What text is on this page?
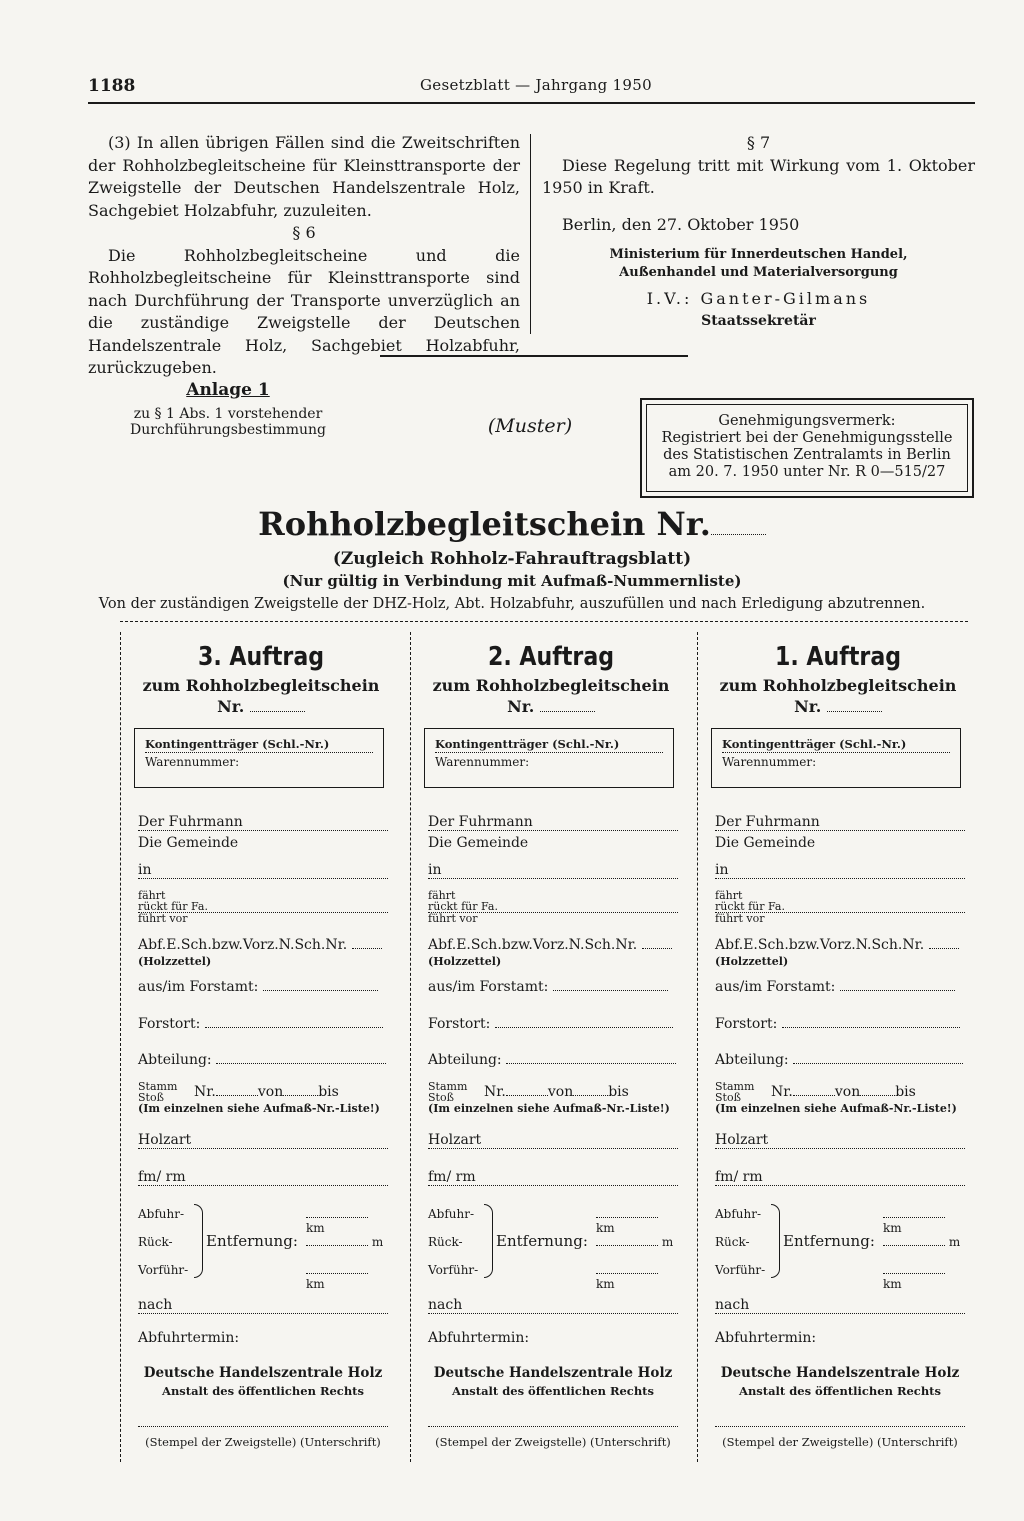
1188	Gesetzblatt — Jahrgang 1950

(3) In allen übrigen Fällen sind die Zweitschriften der Rohholzbegleitscheine für Kleinsttransporte der Zweigstelle der Deutschen Handelszentrale Holz, Sachgebiet Holzabfuhr, zuzuleiten.

§ 6

Die Rohholzbegleitscheine und die Rohholzbegleitscheine für Kleinsttransporte sind nach Durchführung der Transporte unverzüglich an die zuständige Zweigstelle der Deutschen Handelszentrale Holz, Sachgebiet Holzabfuhr, zurückzugeben.

§ 7

Diese Regelung tritt mit Wirkung vom 1. Oktober 1950 in Kraft.

Berlin, den 27. Oktober 1950

Ministerium für Innerdeutschen Handel,

Außenhandel und Materialversorgung

I.V.: Ganter-Gilmans

Staatssekretär

Anlage 1
zu § 1 Abs. 1 vorstehender
Durchführungsbestimmung	(Muster)	Genehmigungsvermerk:
Registriert bei der Genehmigungsstelle
des Statistischen Zentralamts in Berlin
am 20. 7. 1950 unter Nr. R 0—515/27
Rohholzbegleitschein Nr.
(Zugleich Rohholz-Fahrauftragsblatt)
(Nur gültig in Verbindung mit Aufmaß-Nummernliste)
Von der zuständigen Zweigstelle der DHZ-Holz, Abt. Holzabfuhr, auszufüllen und nach Erledigung abzutrennen.
3. Auftrag
zum Rohholzbegleitschein
Nr.
Kontingentträger (Schl.-Nr.)
Warennummer:
Der Fuhrmann
Die Gemeinde
in
fährt
rückt für Fa.
führt vor
Abf.E.Sch.bzw.Vorz.N.Sch.Nr.
(Holzzettel)
aus/im Forstamt:
Forstort:
Abteilung:
Stamm
Stoß	Nr.	von	bis
(Im einzelnen siehe Aufmaß-Nr.-Liste!)
Holzart
fm/ rm
Abfuhr-
Rück-
Vorführ-
Entfernung:
km
m
km
nach
Abfuhrtermin:
Deutsche Handelszentrale Holz
Anstalt des öffentlichen Rechts
(Stempel der Zweigstelle) (Unterschrift)
2. Auftrag
zum Rohholzbegleitschein
Nr.
Kontingentträger (Schl.-Nr.)
Warennummer:
Der Fuhrmann
Die Gemeinde
in
fährt
rückt für Fa.
führt vor
Abf.E.Sch.bzw.Vorz.N.Sch.Nr.
(Holzzettel)
aus/im Forstamt:
Forstort:
Abteilung:
Stamm
Stoß	Nr.	von	bis
(Im einzelnen siehe Aufmaß-Nr.-Liste!)
Holzart
fm/ rm
Abfuhr-
Rück-
Vorführ-
Entfernung:
km
m
km
nach
Abfuhrtermin:
Deutsche Handelszentrale Holz
Anstalt des öffentlichen Rechts
(Stempel der Zweigstelle) (Unterschrift)
1. Auftrag
zum Rohholzbegleitschein
Nr.
Kontingentträger (Schl.-Nr.)
Warennummer:
Der Fuhrmann
Die Gemeinde
in
fährt
rückt für Fa.
führt vor
Abf.E.Sch.bzw.Vorz.N.Sch.Nr.
(Holzzettel)
aus/im Forstamt:
Forstort:
Abteilung:
Stamm
Stoß	Nr.	von	bis
(Im einzelnen siehe Aufmaß-Nr.-Liste!)
Holzart
fm/ rm
Abfuhr-
Rück-
Vorführ-
Entfernung:
km
m
km
nach
Abfuhrtermin:
Deutsche Handelszentrale Holz
Anstalt des öffentlichen Rechts
(Stempel der Zweigstelle) (Unterschrift)
